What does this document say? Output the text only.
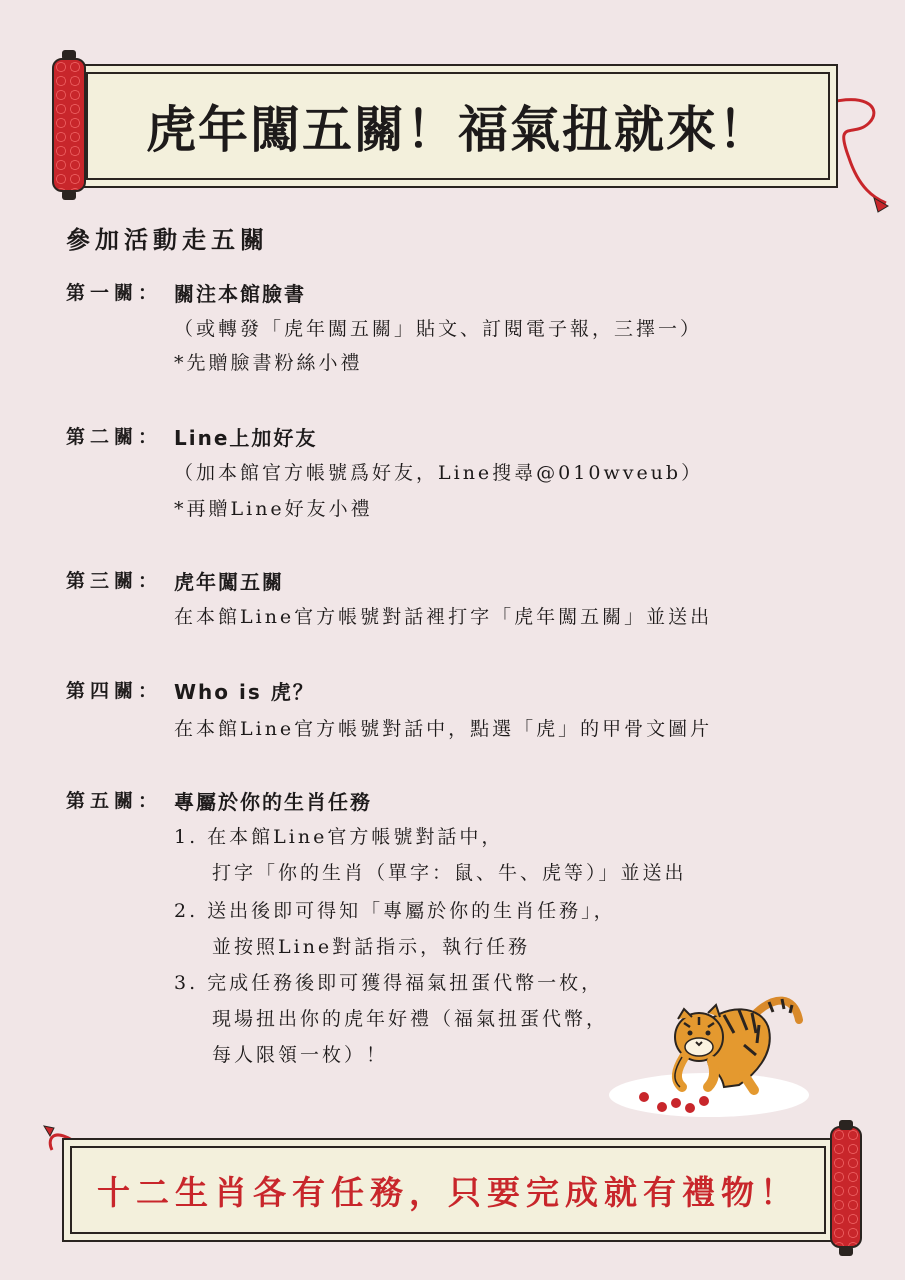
虎年闖五關！福氣扭就來！
參加活動走五關
第一關： 關注本館臉書
（或轉發「虎年闖五關」貼文、訂閱電子報，三擇一）
*先贈臉書粉絲小禮
第二關： Line上加好友
（加本館官方帳號爲好友，Line搜尋@010wveub）
*再贈Line好友小禮
第三關： 虎年闖五關
在本館Line官方帳號對話裡打字「虎年闖五關」並送出
第四關： Who is 虎？
在本館Line官方帳號對話中，點選「虎」的甲骨文圖片
第五關： 專屬於你的生肖任務
1. 在本館Line官方帳號對話中，
打字「你的生肖（單字：鼠、牛、虎等）」並送出
2. 送出後即可得知「專屬於你的生肖任務」，
並按照Line對話指示，執行任務
3. 完成任務後即可獲得福氣扭蛋代幣一枚，
現場扭出你的虎年好禮（福氣扭蛋代幣，
每人限領一枚）！
十二生肖各有任務，只要完成就有禮物！
